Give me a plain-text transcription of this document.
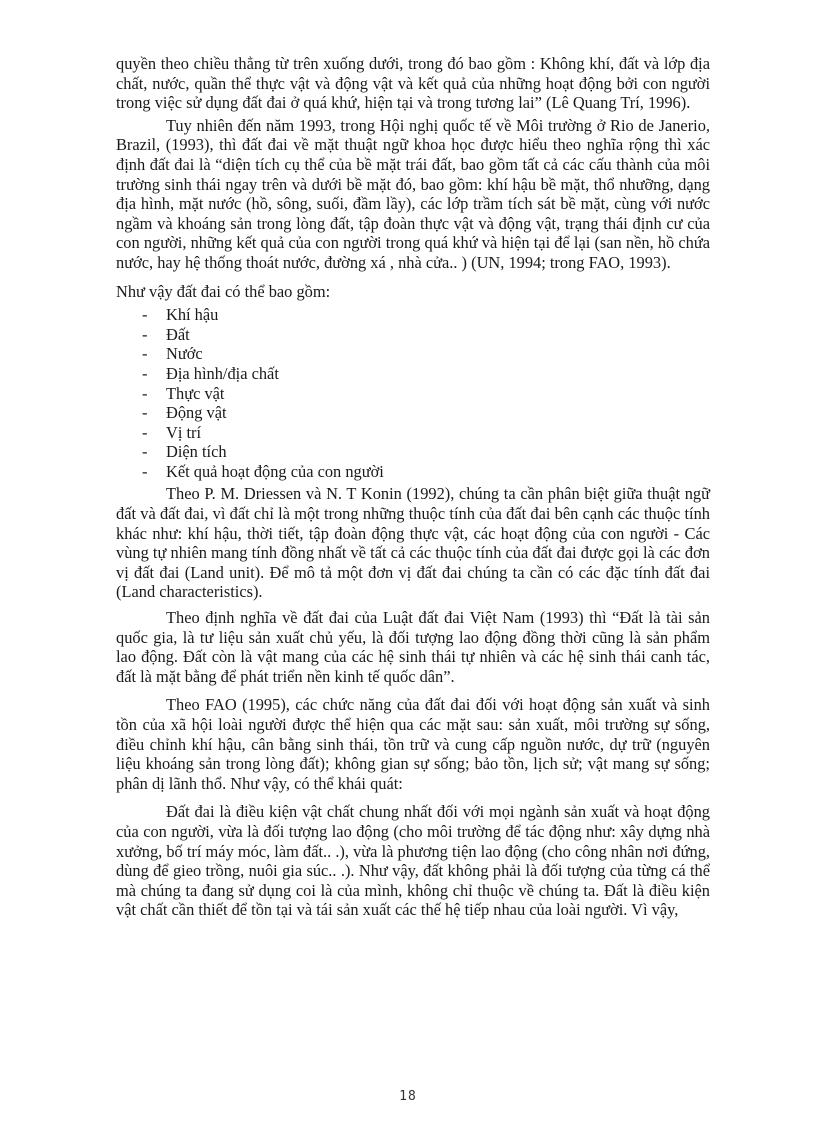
quyền theo chiều thẳng từ trên xuống dưới, trong đó bao gồm : Không khí, đất và lớp địa chất, nước, quần thể thực vật và động vật và kết quả của những hoạt động bởi con người trong việc sử dụng đất đai ở quá khứ, hiện tại và trong tương lai” (Lê Quang Trí, 1996).

Tuy nhiên đến năm 1993, trong Hội nghị quốc tế về Môi trường ở Rio de Janerio, Brazil, (1993), thì đất đai về mặt thuật ngữ khoa học được hiểu theo nghĩa rộng thì xác định đất đai là “diện tích cụ thể của bề mặt trái đất, bao gồm tất cả các cấu thành của môi trường sinh thái ngay trên và dưới bề mặt đó, bao gồm: khí hậu bề mặt, thổ nhưỡng, dạng địa hình, mặt nước (hồ, sông, suối, đầm lầy), các lớp trầm tích sát bề mặt, cùng với nước ngầm và khoáng sản trong lòng đất, tập đoàn thực vật và động vật, trạng thái định cư của con người, những kết quả của con người trong quá khứ và hiện tại để lại (san nền, hồ chứa nước, hay hệ thống thoát nước, đường xá , nhà cửa.. ) (UN, 1994; trong FAO, 1993).

Như vậy đất đai có thể bao gồm:

-	Khí hậu
-	Đất
-	Nước
-	Địa hình/địa chất
-	Thực vật
-	Động vật
-	Vị trí
-	Diện tích
-	Kết quả hoạt động của con người

Theo P. M. Driessen và N. T Konin (1992), chúng ta cần phân biệt giữa thuật ngữ đất và đất đai, vì đất chỉ là một trong những thuộc tính của đất đai bên cạnh các thuộc tính khác như: khí hậu, thời tiết, tập đoàn động thực vật, các hoạt động của con người - Các vùng tự nhiên mang tính đồng nhất về tất cả các thuộc tính của đất đai được gọi là các đơn vị đất đai (Land unit). Để mô tả một đơn vị đất đai chúng ta cần có các đặc tính đất đai (Land characteristics).

Theo định nghĩa về đất đai của Luật đất đai Việt Nam (1993) thì “Đất là tài sản quốc gia, là tư liệu sản xuất chủ yếu, là đối tượng lao động đồng thời cũng là sản phẩm lao động. Đất còn là vật mang của các hệ sinh thái tự nhiên và các hệ sinh thái canh tác, đất là mặt bằng để phát triển nền kinh tế quốc dân”.

Theo FAO (1995), các chức năng của đất đai đối với hoạt động sản xuất và sinh tồn của xã hội loài người được thể hiện qua các mặt sau: sản xuất, môi trường sự sống, điều chỉnh khí hậu, cân bằng sinh thái, tồn trữ và cung cấp nguồn nước, dự trữ (nguyên liệu khoáng sản trong lòng đất); không gian sự sống; bảo tồn, lịch sử; vật mang sự sống; phân dị lãnh thổ. Như vậy, có thể khái quát:

Đất đai là điều kiện vật chất chung nhất đối với mọi ngành sản xuất và hoạt động của con người, vừa là đối tượng lao động (cho môi trường để tác động như: xây dựng nhà xưởng, bố trí máy móc, làm đất.. .), vừa là phương tiện lao động (cho công nhân nơi đứng, dùng để gieo trồng, nuôi gia súc.. .). Như vậy, đất không phải là đối tượng của từng cá thể mà chúng ta đang sử dụng coi là của mình, không chỉ thuộc về chúng ta. Đất là điều kiện vật chất cần thiết để tồn tại và tái sản xuất các thế hệ tiếp nhau của loài người. Vì vậy,

18
